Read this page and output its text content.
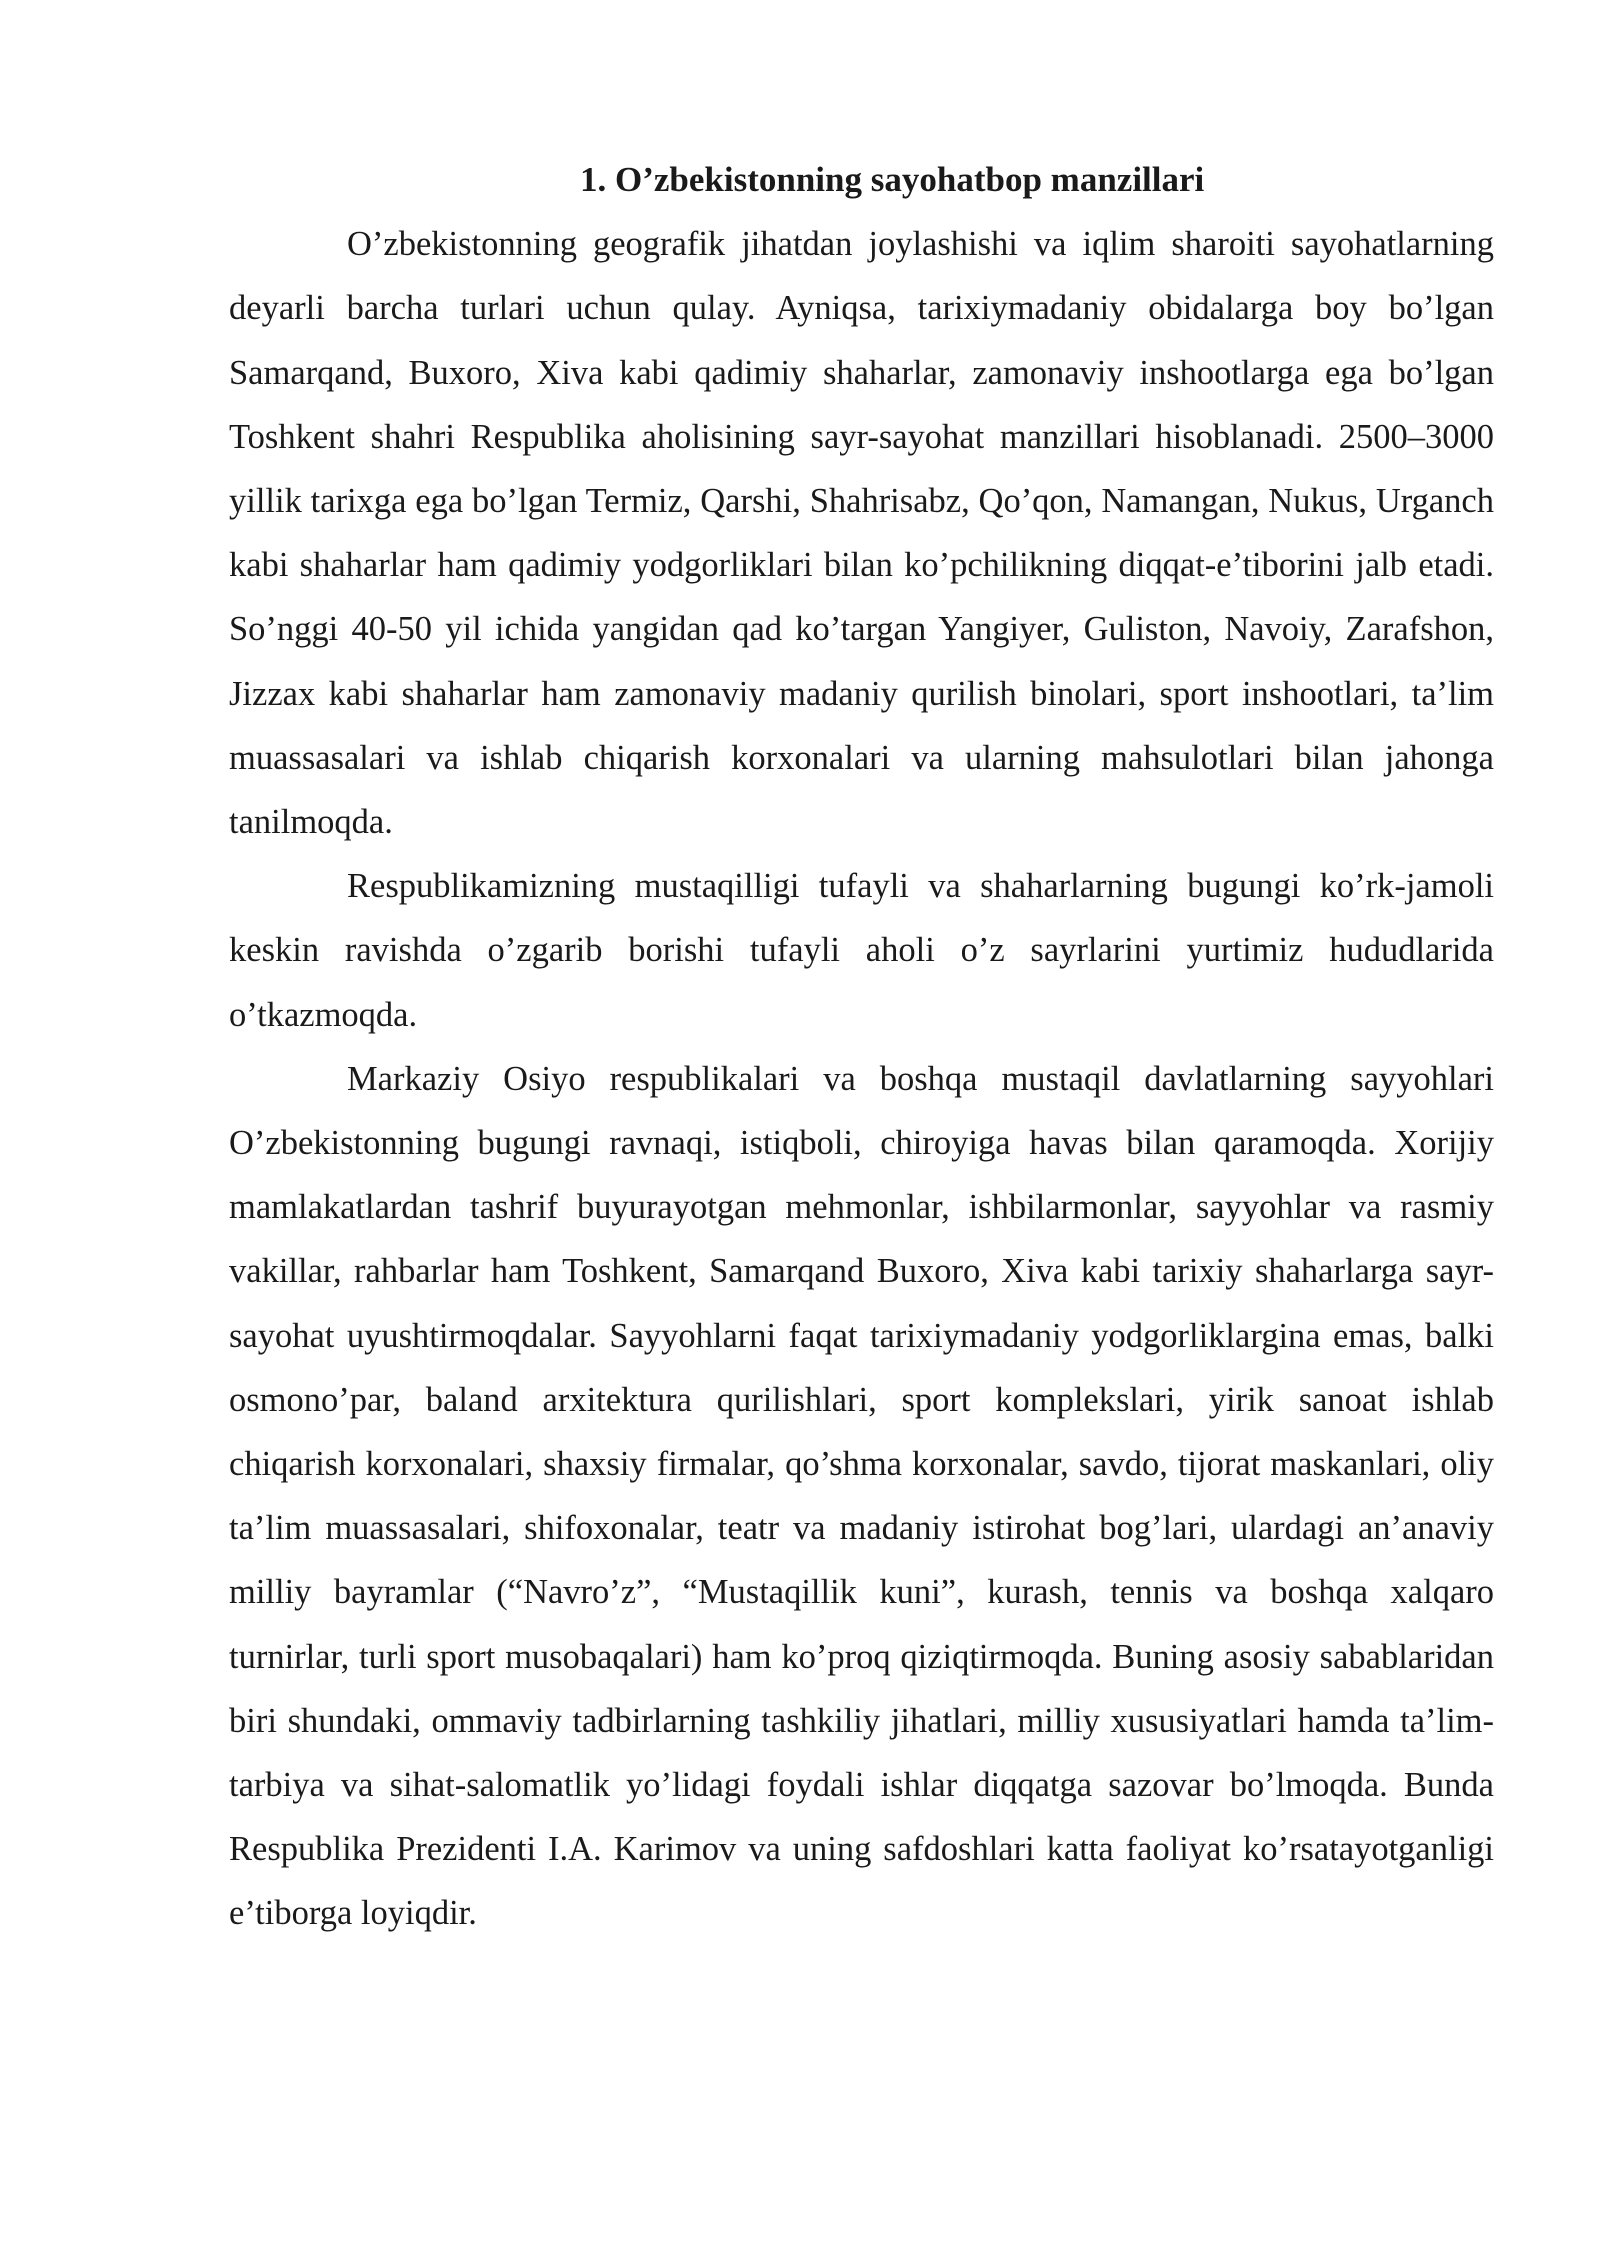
1. O’zbekistonning sayohatbop manzillari

O’zbekistonning geografik jihatdan joylashishi va iqlim sharoiti sayohatlarning deyarli barcha turlari uchun qulay. Ayniqsa, tarixiymadaniy obidalarga boy bo’lgan Samarqand, Buxoro, Xiva kabi qadimiy shaharlar, zamonaviy inshootlarga ega bo’lgan Toshkent shahri Respublika aholisining sayr-sayohat manzillari hisoblanadi. 2500–3000 yillik tarixga ega bo’lgan Termiz, Qarshi, Shahrisabz, Qo’qon, Namangan, Nukus, Urganch kabi shaharlar ham qadimiy yodgorliklari bilan ko’pchilikning diqqat-e’tiborini jalb etadi. So’nggi 40-50 yil ichida yangidan qad ko’targan Yangiyer, Guliston, Navoiy, Zarafshon, Jizzax kabi shaharlar ham zamonaviy madaniy qurilish binolari, sport inshootlari, ta’lim muassasalari va ishlab chiqarish korxonalari va ularning mahsulotlari bilan jahonga tanilmoqda.

Respublikamizning mustaqilligi tufayli va shaharlarning bugungi ko’rk-jamoli keskin ravishda o’zgarib borishi tufayli aholi o’z sayrlarini yurtimiz hududlarida o’tkazmoqda.

Markaziy Osiyo respublikalari va boshqa mustaqil davlatlarning sayyohlari O’zbekistonning bugungi ravnaqi, istiqboli, chiroyiga havas bilan qaramoqda. Xorijiy mamlakatlardan tashrif buyurayotgan mehmonlar, ishbilarmonlar, sayyohlar va rasmiy vakillar, rahbarlar ham Toshkent, Samarqand Buxoro, Xiva kabi tarixiy shaharlarga sayr-sayohat uyushtirmoqdalar. Sayyohlarni faqat tarixiymadaniy yodgorliklargina emas, balki osmono’par, baland arxitektura qurilishlari, sport komplekslari, yirik sanoat ishlab chiqarish korxonalari, shaxsiy firmalar, qo’shma korxonalar, savdo, tijorat maskanlari, oliy ta’lim muassasalari, shifoxonalar, teatr va madaniy istirohat bog’lari, ulardagi an’anaviy milliy bayramlar (“Navro’z”, “Mustaqillik kuni”, kurash, tennis va boshqa xalqaro turnirlar, turli sport musobaqalari) ham ko’proq qiziqtirmoqda. Buning asosiy sabablaridan biri shundaki, ommaviy tadbirlarning tashkiliy jihatlari, milliy xususiyatlari hamda ta’lim-tarbiya va sihat-salomatlik yo’lidagi foydali ishlar diqqatga sazovar bo’lmoqda. Bunda Respublika Prezidenti I.A. Karimov va uning safdoshlari katta faoliyat ko’rsatayotganligi e’tiborga loyiqdir.
